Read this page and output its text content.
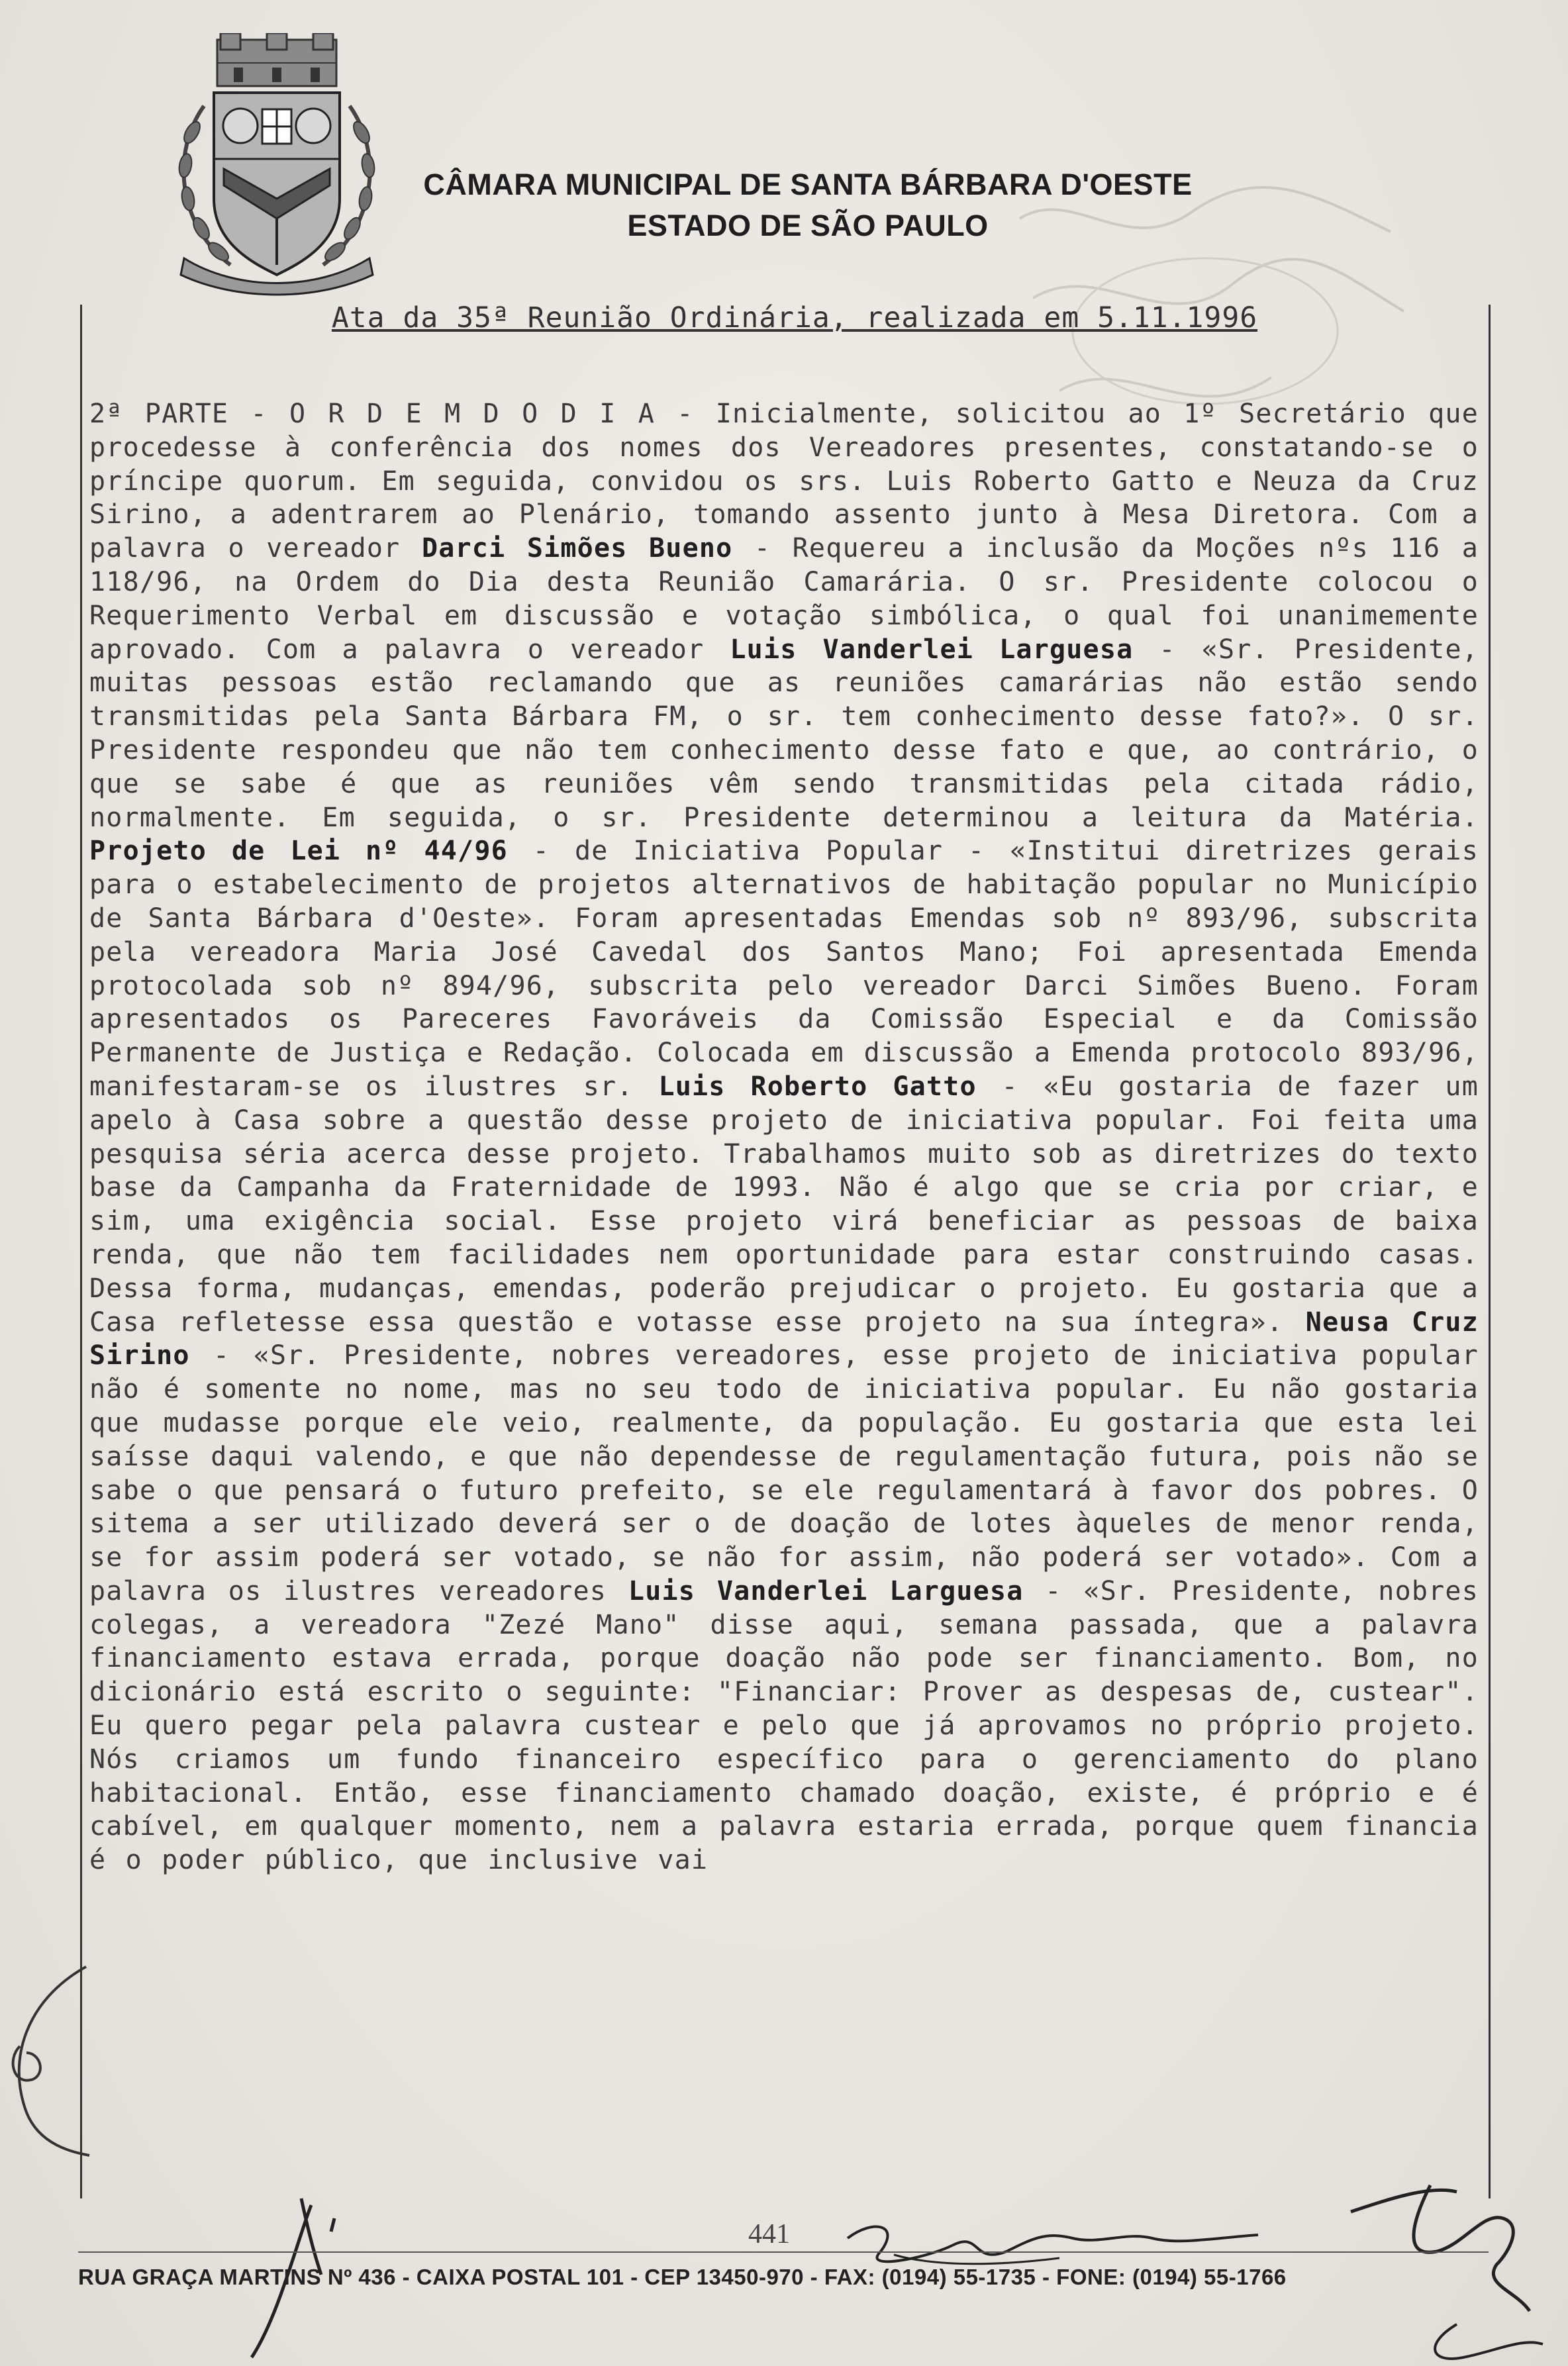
CÂMARA MUNICIPAL DE SANTA BÁRBARA D'OESTE
ESTADO DE SÃO PAULO
Ata da 35ª Reunião Ordinária, realizada em 5.11.1996

2ª PARTE - O R D E M D O D I A - Inicialmente, solicitou ao 1º Secretário que procedesse à conferência dos nomes dos Vereadores presentes, constatando-se o príncipe quorum. Em seguida, convidou os srs. Luis Roberto Gatto e Neuza da Cruz Sirino, a adentrarem ao Plenário, tomando assento junto à Mesa Diretora. Com a palavra o vereador Darci Simões Bueno - Requereu a inclusão da Moções nºs 116 a 118/96, na Ordem do Dia desta Reunião Camarária. O sr. Presidente colocou o Requerimento Verbal em discussão e votação simbólica, o qual foi unanimemente aprovado. Com a palavra o vereador Luis Vanderlei Larguesa - «Sr. Presidente, muitas pessoas estão reclamando que as reuniões camarárias não estão sendo transmitidas pela Santa Bárbara FM, o sr. tem conhecimento desse fato?». O sr. Presidente respondeu que não tem conhecimento desse fato e que, ao contrário, o que se sabe é que as reuniões vêm sendo transmitidas pela citada rádio, normalmente. Em seguida, o sr. Presidente determinou a leitura da Matéria. Projeto de Lei nº 44/96 - de Iniciativa Popular - «Institui diretrizes gerais para o estabelecimento de projetos alternativos de habitação popular no Município de Santa Bárbara d'Oeste». Foram apresentadas Emendas sob nº 893/96, subscrita pela vereadora Maria José Cavedal dos Santos Mano; Foi apresentada Emenda protocolada sob nº 894/96, subscrita pelo vereador Darci Simões Bueno. Foram apresentados os Pareceres Favoráveis da Comissão Especial e da Comissão Permanente de Justiça e Redação. Colocada em discussão a Emenda protocolo 893/96, manifestaram-se os ilustres sr. Luis Roberto Gatto - «Eu gostaria de fazer um apelo à Casa sobre a questão desse projeto de iniciativa popular. Foi feita uma pesquisa séria acerca desse projeto. Trabalhamos muito sob as diretrizes do texto base da Campanha da Fraternidade de 1993. Não é algo que se cria por criar, e sim, uma exigência social. Esse projeto virá beneficiar as pessoas de baixa renda, que não tem facilidades nem oportunidade para estar construindo casas. Dessa forma, mudanças, emendas, poderão prejudicar o projeto. Eu gostaria que a Casa refletesse essa questão e votasse esse projeto na sua íntegra». Neusa Cruz Sirino - «Sr. Presidente, nobres vereadores, esse projeto de iniciativa popular não é somente no nome, mas no seu todo de iniciativa popular. Eu não gostaria que mudasse porque ele veio, realmente, da população. Eu gostaria que esta lei saísse daqui valendo, e que não dependesse de regulamentação futura, pois não se sabe o que pensará o futuro prefeito, se ele regulamentará à favor dos pobres. O sitema a ser utilizado deverá ser o de doação de lotes àqueles de menor renda, se for assim poderá ser votado, se não for assim, não poderá ser votado». Com a palavra os ilustres vereadores Luis Vanderlei Larguesa - «Sr. Presidente, nobres colegas, a vereadora "Zezé Mano" disse aqui, semana passada, que a palavra financiamento estava errada, porque doação não pode ser financiamento. Bom, no dicionário está escrito o seguinte: "Financiar: Prover as despesas de, custear". Eu quero pegar pela palavra custear e pelo que já aprovamos no próprio projeto. Nós criamos um fundo financeiro específico para o gerenciamento do plano habitacional. Então, esse financiamento chamado doação, existe, é próprio e é cabível, em qualquer momento, nem a palavra estaria errada, porque quem financia é o poder público, que inclusive vai

441
RUA GRAÇA MARTINS Nº 436 - CAIXA POSTAL 101 - CEP 13450-970 - FAX: (0194) 55-1735 - FONE: (0194) 55-1766
